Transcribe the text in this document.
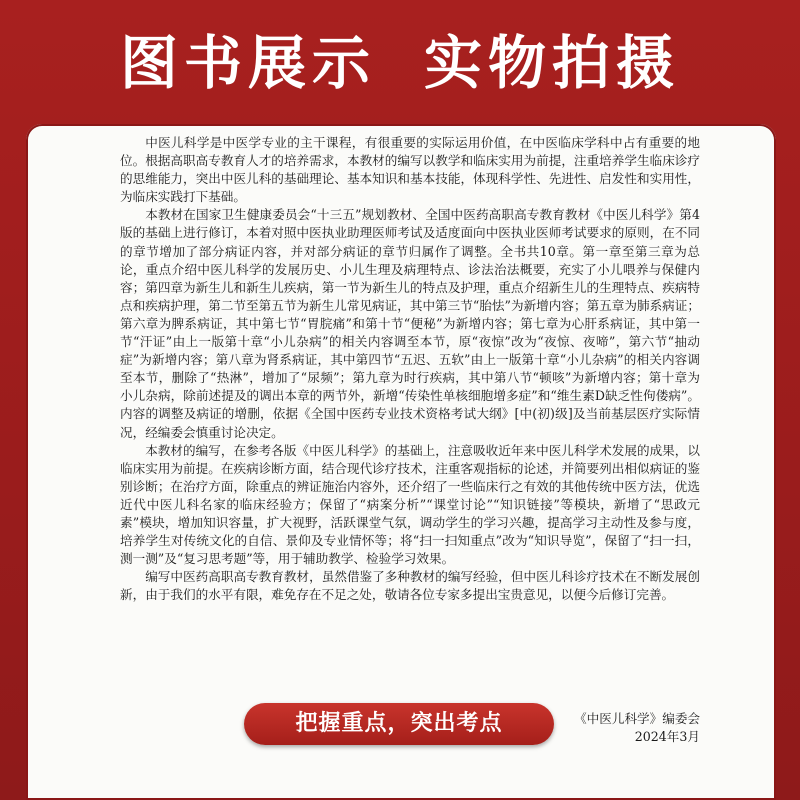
图书展示 实物拍摄

中医儿科学是中医学专业的主干课程，有很重要的实际运用价值，在中医临床学科中占有重要的地位。根据高职高专教育人才的培养需求，本教材的编写以教学和临床实用为前提，注重培养学生临床诊疗的思维能力，突出中医儿科的基础理论、基本知识和基本技能，体现科学性、先进性、启发性和实用性，为临床实践打下基础。

本教材在国家卫生健康委员会“十三五”规划教材、全国中医药高职高专教育教材《中医儿科学》第4版的基础上进行修订，本着对照中医执业助理医师考试及适度面向中医执业医师考试要求的原则，在不同的章节增加了部分病证内容，并对部分病证的章节归属作了调整。全书共10章。第一章至第三章为总论，重点介绍中医儿科学的发展历史、小儿生理及病理特点、诊法治法概要，充实了小儿喂养与保健内容；第四章为新生儿和新生儿疾病，第一节为新生儿的特点及护理，重点介绍新生儿的生理特点、疾病特点和疾病护理，第二节至第五节为新生儿常见病证，其中第三节“胎怯”为新增内容；第五章为肺系病证；第六章为脾系病证，其中第七节“胃脘痛”和第十节“便秘”为新增内容；第七章为心肝系病证，其中第一节“汗证”由上一版第十章“小儿杂病”的相关内容调至本节，原“夜惊”改为“夜惊、夜啼”，第六节“抽动症”为新增内容；第八章为肾系病证，其中第四节“五迟、五软”由上一版第十章“小儿杂病”的相关内容调至本节，删除了“热淋”，增加了“尿频”；第九章为时行疾病，其中第八节“顿咳”为新增内容；第十章为小儿杂病，除前述提及的调出本章的两节外，新增“传染性单核细胞增多症”和“维生素D缺乏性佝偻病”。内容的调整及病证的增删，依据《全国中医药专业技术资格考试大纲》[中(初)级]及当前基层医疗实际情况，经编委会慎重讨论决定。

本教材的编写，在参考各版《中医儿科学》的基础上，注意吸收近年来中医儿科学术发展的成果，以临床实用为前提。在疾病诊断方面，结合现代诊疗技术，注重客观指标的论述，并简要列出相似病证的鉴别诊断；在治疗方面，除重点的辨证施治内容外，还介绍了一些临床行之有效的其他传统中医方法，优选近代中医儿科名家的临床经验方；保留了“病案分析”“课堂讨论”“知识链接”等模块，新增了“思政元素”模块，增加知识容量，扩大视野，活跃课堂气氛，调动学生的学习兴趣，提高学习主动性及参与度，培养学生对传统文化的自信、景仰及专业情怀等；将“扫一扫知重点”改为“知识导览”，保留了“扫一扫，测一测”及“复习思考题”等，用于辅助教学、检验学习效果。

编写中医药高职高专教育教材，虽然借鉴了多种教材的编写经验，但中医儿科诊疗技术在不断发展创新，由于我们的水平有限，难免存在不足之处，敬请各位专家多提出宝贵意见，以便今后修订完善。

《中医儿科学》编委会
2024年3月
把握重点，突出考点
